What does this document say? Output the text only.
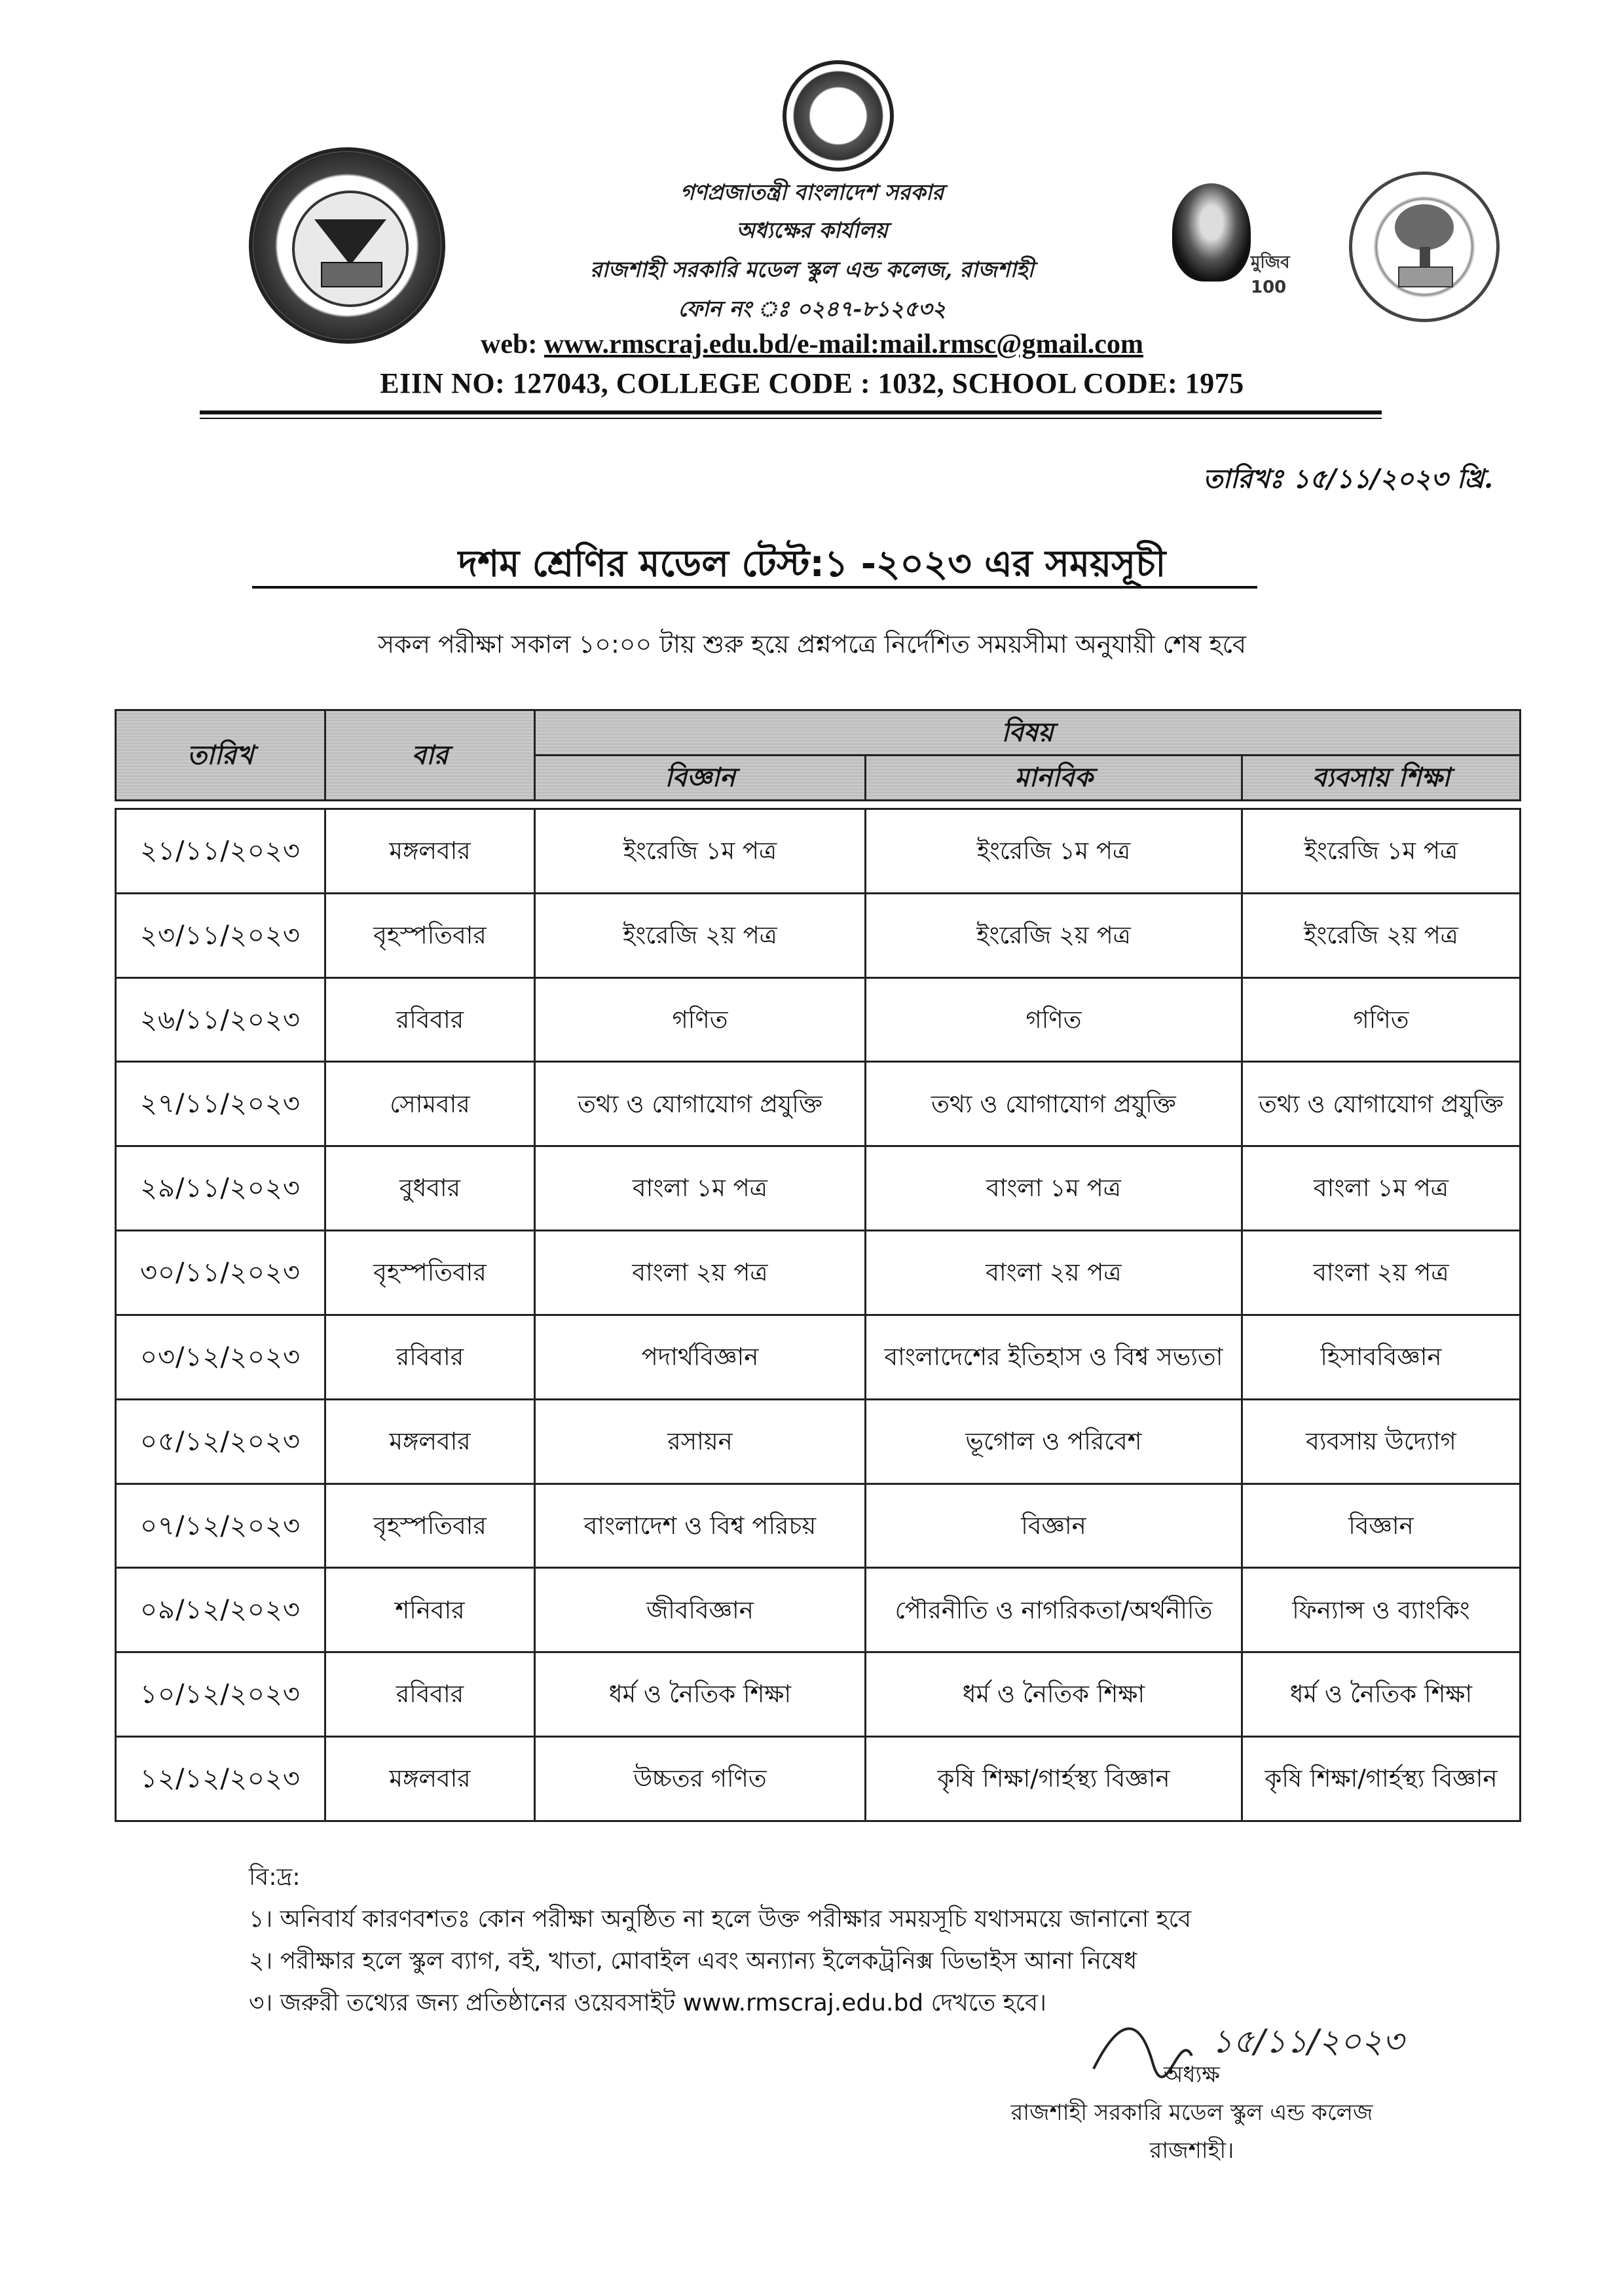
মুজিব 100
গণপ্রজাতন্ত্রী বাংলাদেশ সরকার
অধ্যক্ষের কার্যালয়
রাজশাহী সরকারি মডেল স্কুল এন্ড কলেজ, রাজশাহী
ফোন নং ঃ ০২৪৭-৮১২৫৩২
web: www.rmscraj.edu.bd/e-mail:mail.rmsc@gmail.com
EIIN NO: 127043, COLLEGE CODE : 1032, SCHOOL CODE: 1975
তারিখঃ ১৫/১১/২০২৩ খ্রি.
দশম শ্রেণির মডেল টেস্ট:১ -২০২৩ এর সময়সূচী
সকল পরীক্ষা সকাল ১০:০০ টায় শুরু হয়ে প্রশ্নপত্রে নির্দেশিত সময়সীমা অনুযায়ী শেষ হবে
তারিখ	বার	বিষয়		
		বিজ্ঞান	মানবিক	ব্যবসায় শিক্ষা

২১/১১/২০২৩	মঙ্গলবার	ইংরেজি ১ম পত্র	ইংরেজি ১ম পত্র	ইংরেজি ১ম পত্র
২৩/১১/২০২৩	বৃহস্পতিবার	ইংরেজি ২য় পত্র	ইংরেজি ২য় পত্র	ইংরেজি ২য় পত্র
২৬/১১/২০২৩	রবিবার	গণিত	গণিত	গণিত
২৭/১১/২০২৩	সোমবার	তথ্য ও যোগাযোগ প্রযুক্তি	তথ্য ও যোগাযোগ প্রযুক্তি	তথ্য ও যোগাযোগ প্রযুক্তি
২৯/১১/২০২৩	বুধবার	বাংলা ১ম পত্র	বাংলা ১ম পত্র	বাংলা ১ম পত্র
৩০/১১/২০২৩	বৃহস্পতিবার	বাংলা ২য় পত্র	বাংলা ২য় পত্র	বাংলা ২য় পত্র
০৩/১২/২০২৩	রবিবার	পদার্থবিজ্ঞান	বাংলাদেশের ইতিহাস ও বিশ্ব সভ্যতা	হিসাববিজ্ঞান
০৫/১২/২০২৩	মঙ্গলবার	রসায়ন	ভূগোল ও পরিবেশ	ব্যবসায় উদ্যোগ
০৭/১২/২০২৩	বৃহস্পতিবার	বাংলাদেশ ও বিশ্ব পরিচয়	বিজ্ঞান	বিজ্ঞান
০৯/১২/২০২৩	শনিবার	জীববিজ্ঞান	পৌরনীতি ও নাগরিকতা/অর্থনীতি	ফিন্যান্স ও ব্যাংকিং
১০/১২/২০২৩	রবিবার	ধর্ম ও নৈতিক শিক্ষা	ধর্ম ও নৈতিক শিক্ষা	ধর্ম ও নৈতিক শিক্ষা
১২/১২/২০২৩	মঙ্গলবার	উচ্চতর গণিত	কৃষি শিক্ষা/গার্হস্থ্য বিজ্ঞান	কৃষি শিক্ষা/গার্হস্থ্য বিজ্ঞান
বি:দ্র:
১। অনিবার্য কারণবশতঃ কোন পরীক্ষা অনুষ্ঠিত না হলে উক্ত পরীক্ষার সময়সূচি যথাসময়ে জানানো হবে
২। পরীক্ষার হলে স্কুল ব্যাগ, বই, খাতা, মোবাইল এবং অন্যান্য ইলেকট্রনিক্স ডিভাইস আনা নিষেধ
৩। জরুরী তথ্যের জন্য প্রতিষ্ঠানের ওয়েবসাইট www.rmscraj.edu.bd দেখতে হবে।
১৫/১১/২০২৩
অধ্যক্ষ
রাজশাহী সরকারি মডেল স্কুল এন্ড কলেজ
রাজশাহী।
